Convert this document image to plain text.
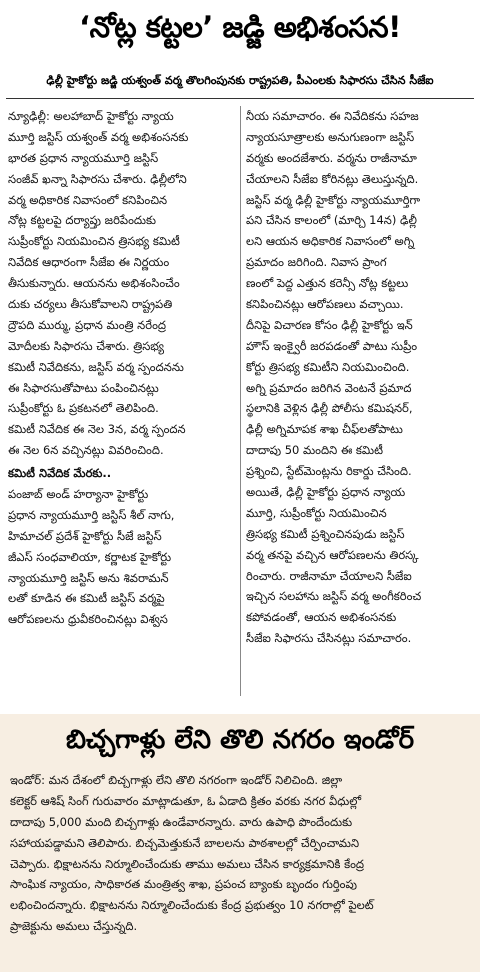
‘నోట్ల కట్టల’ జడ్జి అభిశంసన!
ఢిల్లీ హైకోర్టు జడ్జి యశ్వంత్ వర్మ తొలగింపునకు రాష్ట్రపతి, పీఎంలకు సిఫారసు చేసిన సీజేఐ
న్యూఢిల్లీ: అలహాబాద్ హైకోర్టు న్యాయ
మూర్తి జస్టిస్ యశ్వంత్ వర్మ అభిశంసనకు
భారత ప్రధాన న్యాయమూర్తి జస్టిస్
సంజీవ్ ఖన్నా సిఫారసు చేశారు. ఢిల్లీలోని
వర్మ అధికారిక నివాసంలో కనిపించిన
నోట్ల కట్టలపై దర్యాప్తు జరిపేందుకు
సుప్రీంకోర్టు నియమించిన త్రిసభ్య కమిటీ
నివేదిక ఆధారంగా సీజేఐ ఈ నిర్ణయం
తీసుకున్నారు. ఆయనను అభిశంసించేం
దుకు చర్యలు తీసుకోవాలని రాష్ట్రపతి
ద్రౌపది ముర్ము, ప్రధాన మంత్రి నరేంద్ర
మోదీలకు సిఫారసు చేశారు. త్రిసభ్య
కమిటీ నివేదికను, జస్టిస్ వర్మ స్పందనను
ఈ సిఫారసుతోపాటు పంపించినట్లు
సుప్రీంకోర్టు ఓ ప్రకటనలో తెలిపింది.
కమిటీ నివేదిక ఈ నెల 3న, వర్మ స్పందన
ఈ నెల 6న వచ్చినట్లు వివరించింది.
కమిటీ నివేదిక మేరకు..
పంజాబ్ అండ్ హర్యానా హైకోర్టు
ప్రధాన న్యాయమూర్తి జస్టిస్ శీల్ నాగు,
హిమాచల్ ప్రదేశ్ హైకోర్టు సీజే జస్టిస్
జీఎస్ సంధవాలియా, కర్ణాటక హైకోర్టు
న్యాయమూర్తి జస్టిస్ అను శివరామన్
లతో కూడిన ఈ కమిటీ జస్టిస్ వర్మపై
ఆరోపణలను ధ్రువీకరించినట్లు విశ్వస
నీయ సమాచారం. ఈ నివేదికను సహజ
న్యాయసూత్రాలకు అనుగుణంగా జస్టిస్
వర్మకు అందజేశారు. వర్మను రాజీనామా
చేయాలని సీజేఐ కోరినట్లు తెలుస్తున్నది.
జస్టిస్ వర్మ ఢిల్లీ హైకోర్టు న్యాయమూర్తిగా
పని చేసిన కాలంలో (మార్చి 14న) ఢిల్లీ
లని ఆయన అధికారిక నివాసంలో అగ్ని
ప్రమాదం జరిగింది. నివాస ప్రాంగ
ణంలో పెద్ద ఎత్తున కరెన్సీ నోట్ల కట్టలు
కనిపించినట్లు ఆరోపణలు వచ్చాయి.
దీనిపై విచారణ కోసం ఢిల్లీ హైకోర్టు ఇన్
హౌస్ ఇంక్వైరీ జరపడంతో పాటు సుప్రీం
కోర్టు త్రిసభ్య కమిటీని నియమించింది.
అగ్ని ప్రమాదం జరిగిన వెంటనే ప్రమాద
స్థలానికి వెళ్లిన ఢిల్లీ పోలీసు కమిషనర్,
ఢిల్లీ అగ్నిమాపక శాఖ చీఫ్‌లతోపాటు
దాదాపు 50 మందిని ఈ కమిటీ
ప్రశ్నించి, స్టేట్‌మెంట్లను రికార్డు చేసింది.
అయితే, ఢిల్లీ హైకోర్టు ప్రధాన న్యాయ
మూర్తి, సుప్రీంకోర్టు నియమించిన
త్రిసభ్య కమిటీ ప్రశ్నించినపుడు జస్టిస్
వర్మ తనపై వచ్చిన ఆరోపణలను తిరస్క
రించారు. రాజీనామా చేయాలని సీజేఐ
ఇచ్చిన సలహాను జస్టిస్ వర్మ అంగీకరించ
కపోవడంతో, ఆయన అభిశంసనకు
సీజేఐ సిఫారసు చేసినట్లు సమాచారం.
బిచ్చగాళ్లు లేని తొలి నగరం ఇండోర్
ఇండోర్: మన దేశంలో బిచ్చగాళ్లు లేని తొలి నగరంగా ఇండోర్ నిలిచింది. జిల్లా
కలెక్టర్ ఆశిష్ సింగ్ గురువారం మాట్లాడుతూ, ఓ ఏడాది క్రితం వరకు నగర వీధుల్లో
దాదాపు 5,000 మంది బిచ్చగాళ్లు ఉండేవారన్నారు. వారు ఉపాధి పొందేందుకు
సహాయపడ్డామని తెలిపారు. బిచ్చమెత్తుకునే బాలలను పాఠశాలల్లో చేర్పించామని
చెప్పారు. భిక్షాటనను నిర్మూలించేందుకు తాము అమలు చేసిన కార్యక్రమానికి కేంద్ర
సాంఘిక న్యాయం, సాధికారత మంత్రిత్వ శాఖ, ప్రపంచ బ్యాంకు బృందం గుర్తింపు
లభించిందన్నారు. భిక్షాటనను నిర్మూలించేందుకు కేంద్ర ప్రభుత్వం 10 నగరాల్లో పైలట్
ప్రాజెక్టును అమలు చేస్తున్నది.
